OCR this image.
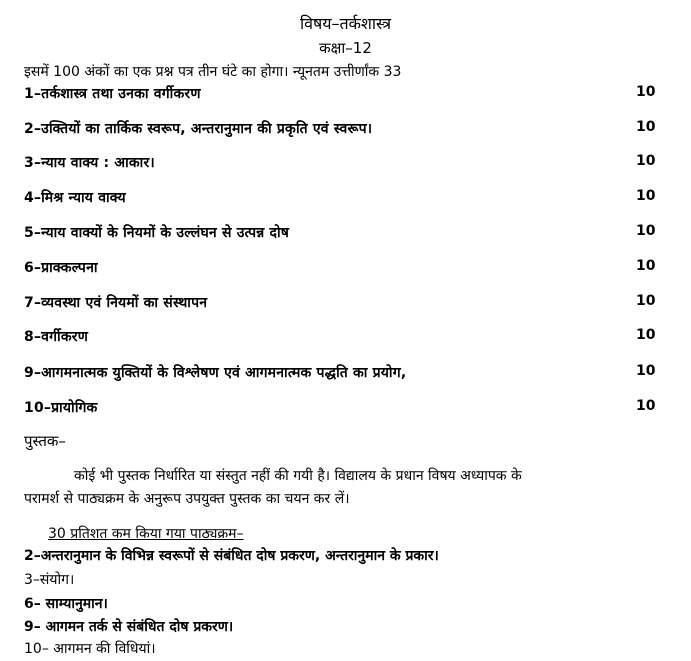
विषय–तर्कशास्त्र
कक्षा–12
इसमें 100 अंकों का एक प्रश्न पत्र तीन घंटे का होगा। न्यूनतम उत्तीर्णांक 33
1–तर्कशास्त्र तथा उनका वर्गीकरण	10
2–उक्तियों का तार्किक स्वरूप, अन्तरानुमान की प्रकृति एवं स्वरूप।	10
3–न्याय वाक्य : आकार।	10
4–मिश्र न्याय वाक्य	10
5–न्याय वाक्यों के नियमों के उल्लंघन से उत्पन्न दोष	10
6–प्राक्कल्पना	10
7–व्यवस्था एवं नियमों का संस्थापन	10
8–वर्गीकरण	10
9–आगमनात्मक युक्तियों के विश्लेषण एवं आगमनात्मक पद्धति का प्रयोग,	10
10–प्रायोगिक	10
पुस्तक–
कोई भी पुस्तक निर्धारित या संस्तुत नहीं की गयी है। विद्यालय के प्रधान विषय अध्यापक के
परामर्श से पाठ्यक्रम के अनुरूप उपयुक्त पुस्तक का चयन कर लें।
30 प्रतिशत कम किया गया पाठ्यक्रम–
2–अन्तरानुमान के विभिन्न स्वरूपों से संबंधित दोष प्रकरण, अन्तरानुमान के प्रकार।
3–संयोग।
6– साम्यानुमान।
9– आगमन तर्क से संबंधित दोष प्रकरण।
10– आगमन की विधियां।
